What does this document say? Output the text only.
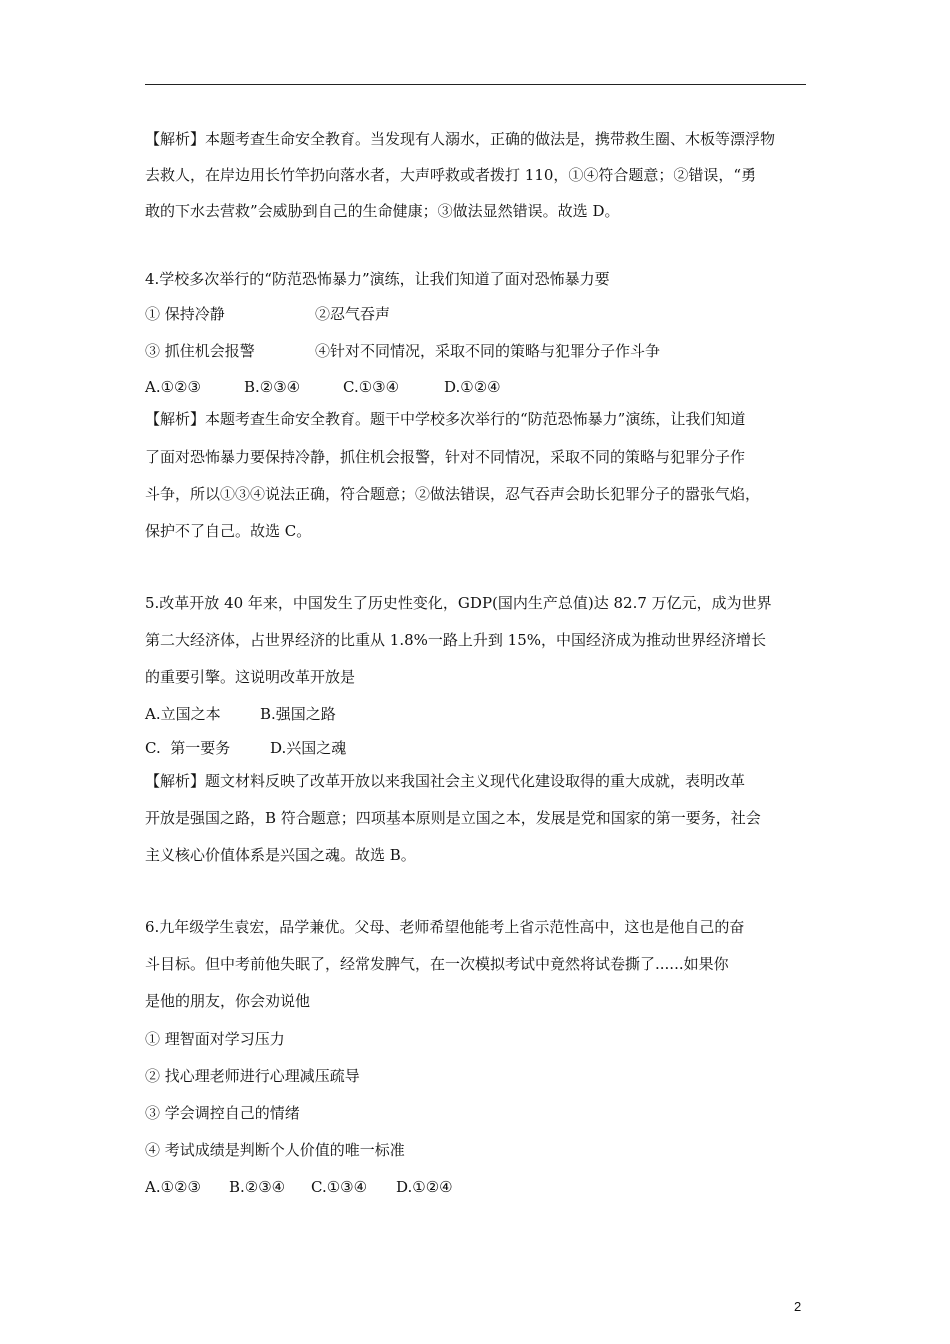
【解析】本题考查生命安全教育。当发现有人溺水，正确的做法是，携带救生圈、木板等漂浮物
去救人，在岸边用长竹竿扔向落水者，大声呼救或者拨打 110，①④符合题意；②错误，“勇
敢的下水去营救”会威胁到自己的生命健康；③做法显然错误。故选 D。
4.学校多次举行的“防范恐怖暴力”演练，让我们知道了面对恐怖暴力要
① 保持冷静	②忍气吞声
③ 抓住机会报警	④针对不同情况，采取不同的策略与犯罪分子作斗争
A.①②③	B.②③④	C.①③④	D.①②④
【解析】本题考查生命安全教育。题干中学校多次举行的“防范恐怖暴力”演练，让我们知道
了面对恐怖暴力要保持冷静，抓住机会报警，针对不同情况，采取不同的策略与犯罪分子作
斗争，所以①③④说法正确，符合题意；②做法错误，忍气吞声会助长犯罪分子的嚣张气焰，
保护不了自己。故选 C。
5.改革开放 40 年来，中国发生了历史性变化，GDP(国内生产总值)达 82.7 万亿元，成为世界
第二大经济体，占世界经济的比重从 1.8%一路上升到 15%，中国经济成为推动世界经济增长
的重要引擎。这说明改革开放是
A.立国之本	B.强国之路
C.  第一要务	D.兴国之魂
【解析】题文材料反映了改革开放以来我国社会主义现代化建设取得的重大成就，表明改革
开放是强国之路，B 符合题意；四项基本原则是立国之本，发展是党和国家的第一要务，社会
主义核心价值体系是兴国之魂。故选 B。
6.九年级学生袁宏，品学兼优。父母、老师希望他能考上省示范性高中，这也是他自己的奋
斗目标。但中考前他失眠了，经常发脾气，在一次模拟考试中竟然将试卷撕了......如果你
是他的朋友，你会劝说他
① 理智面对学习压力
② 找心理老师进行心理减压疏导
③ 学会调控自己的情绪
④ 考试成绩是判断个人价值的唯一标准
A.①②③ B.②③④ C.①③④ D.①②④
2
